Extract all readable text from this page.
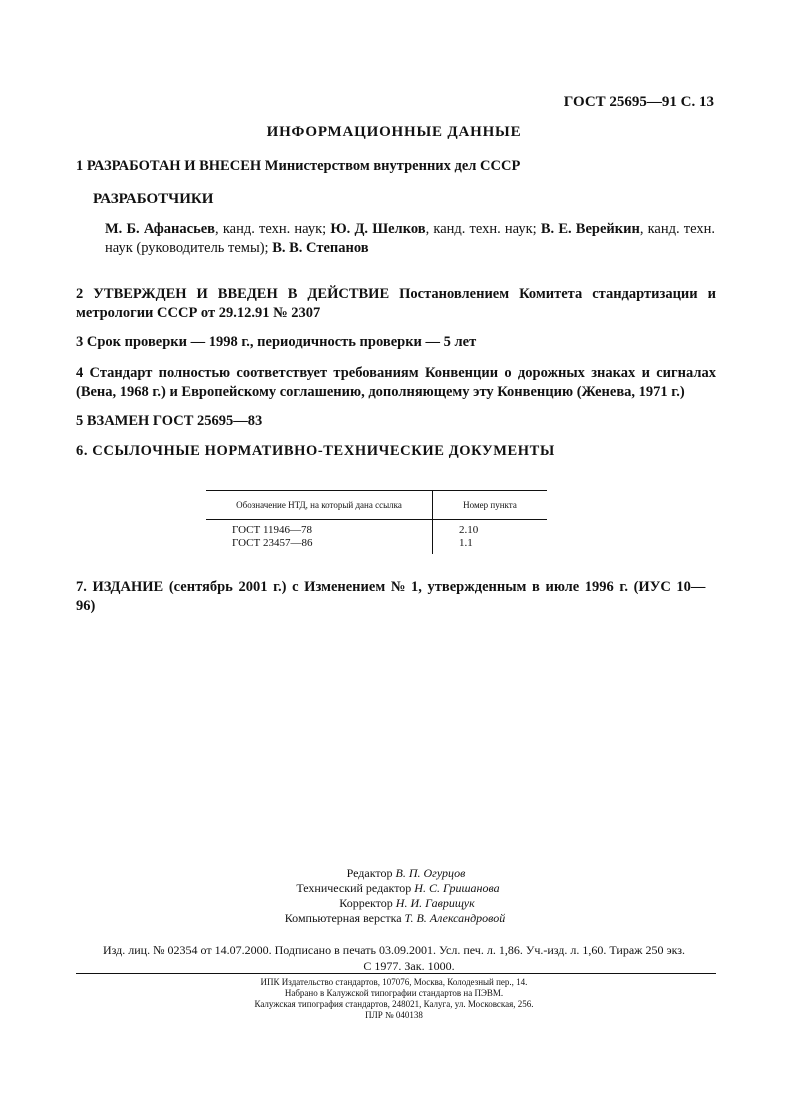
ГОСТ 25695—91 С. 13
ИНФОРМАЦИОННЫЕ ДАННЫЕ
1 РАЗРАБОТАН И ВНЕСЕН Министерством внутренних дел СССР
РАЗРАБОТЧИКИ
М. Б. Афанасьев, канд. техн. наук; Ю. Д. Шелков, канд. техн. наук; В. Е. Верейкин, канд. техн. наук (руководитель темы); В. В. Степанов
2 УТВЕРЖДЕН И ВВЕДЕН В ДЕЙСТВИЕ Постановлением Комитета стандартизации и метрологии СССР от 29.12.91 № 2307
3 Срок проверки — 1998 г., периодичность проверки — 5 лет
4 Стандарт полностью соответствует требованиям Конвенции о дорожных знаках и сигналах (Вена, 1968 г.) и Европейскому соглашению, дополняющему эту Конвенцию (Женева, 1971 г.)
5 ВЗАМЕН ГОСТ 25695—83
6. ССЫЛОЧНЫЕ НОРМАТИВНО-ТЕХНИЧЕСКИЕ ДОКУМЕНТЫ
Обозначение НТД, на который дана ссылка	Номер пункта
ГОСТ 11946—78	2.10
ГОСТ 23457—86	1.1
7. ИЗДАНИЕ (сентябрь 2001 г.) с Изменением № 1, утвержденным в июле 1996 г. (ИУС 10—96)
Редактор В. П. Огурцов
Технический редактор Н. С. Гришанова
Корректор Н. И. Гаврищук
Компьютерная верстка Т. В. Александровой
Изд. лиц. № 02354 от 14.07.2000. Подписано в печать 03.09.2001. Усл. печ. л. 1,86. Уч.-изд. л. 1,60. Тираж 250 экз.
С 1977. Зак. 1000.
ИПК Издательство стандартов, 107076, Москва, Колодезный пер., 14.
Набрано в Калужской типографии стандартов на ПЭВМ.
Калужская типография стандартов, 248021, Калуга, ул. Московская, 256.
ПЛР № 040138
